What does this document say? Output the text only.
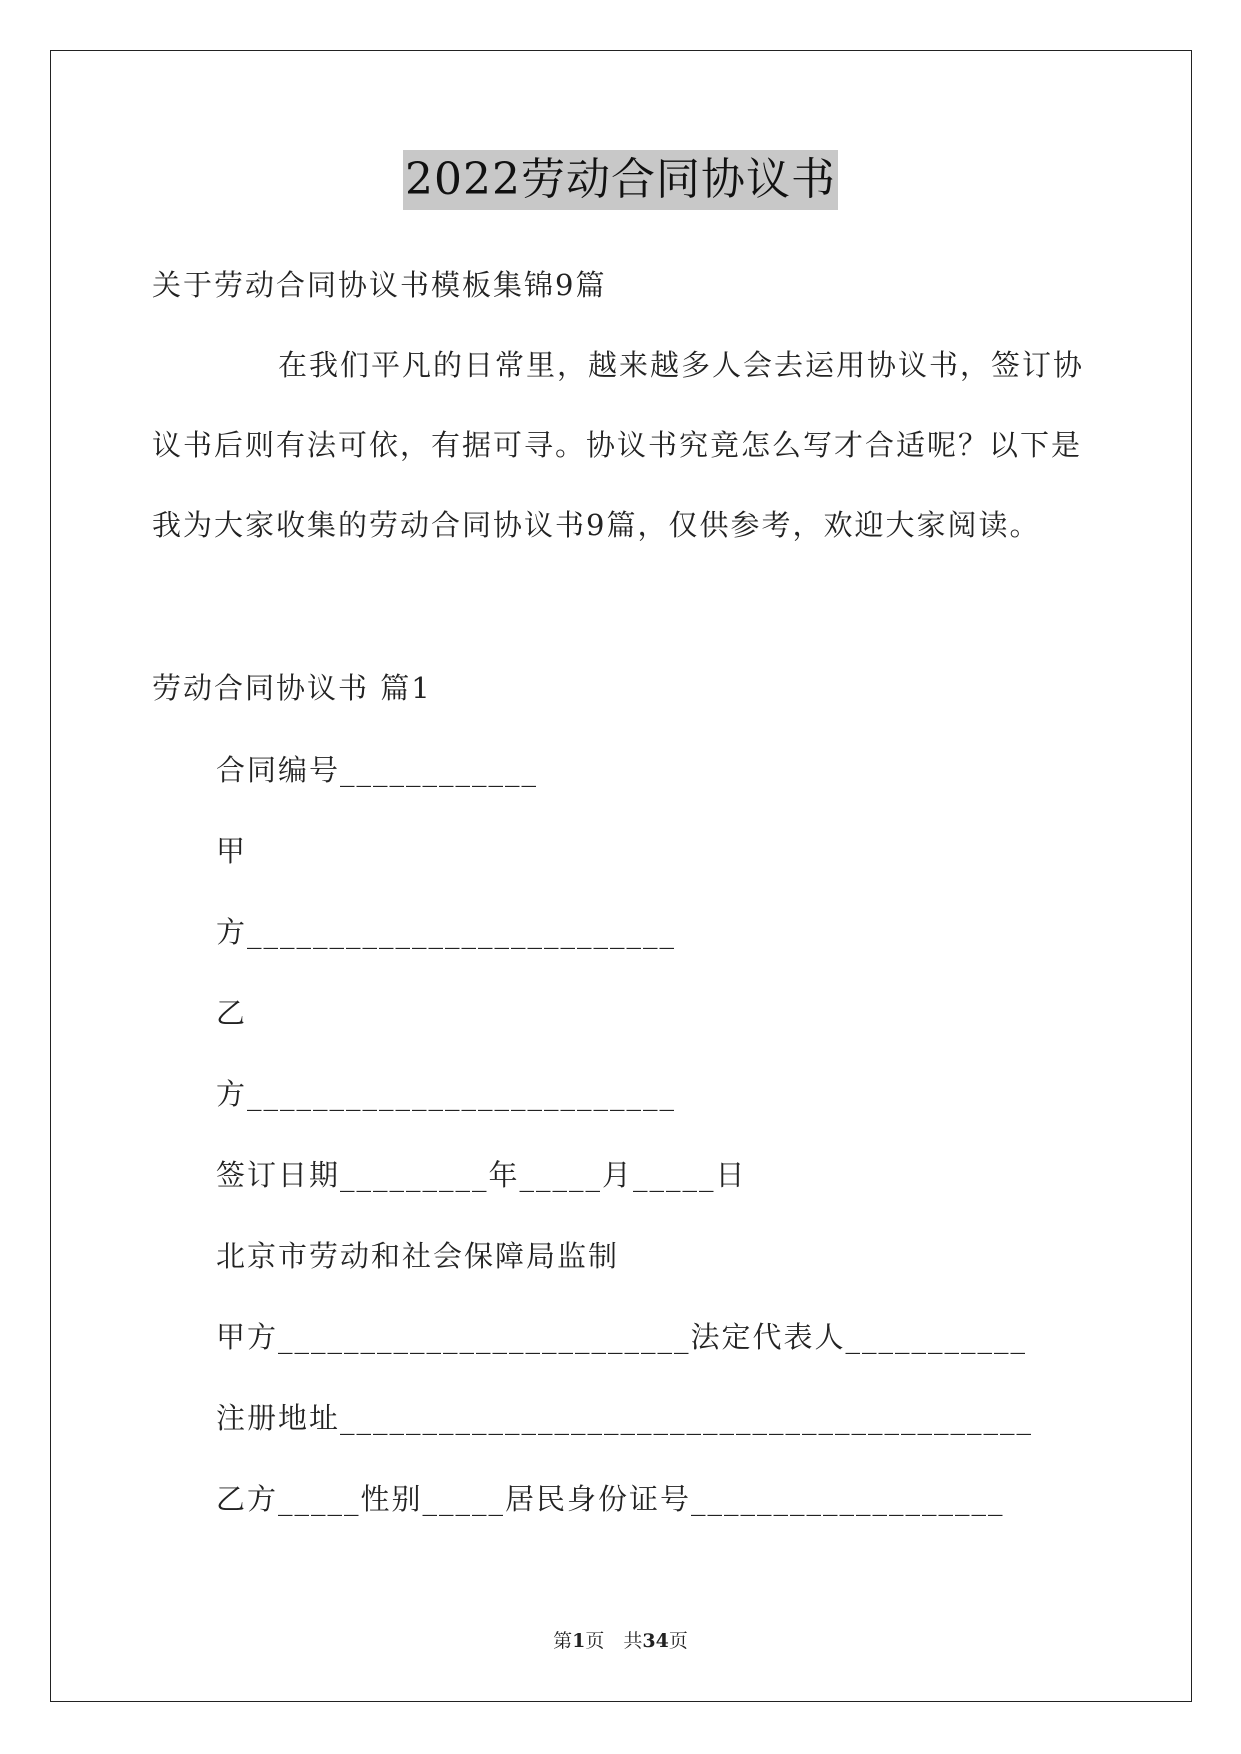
2022劳动合同协议书
关于劳动合同协议书模板集锦9篇
在我们平凡的日常里，越来越多人会去运用协议书，签订协
议书后则有法可依，有据可寻。协议书究竟怎么写才合适呢？以下是
我为大家收集的劳动合同协议书9篇，仅供参考，欢迎大家阅读。
劳动合同协议书 篇1
合同编号____________
甲
方__________________________
乙
方__________________________
签订日期_________年_____月_____日
北京市劳动和社会保障局监制
甲方_________________________法定代表人___________
注册地址__________________________________________
乙方_____性别_____居民身份证号___________________
第1页　共34页
